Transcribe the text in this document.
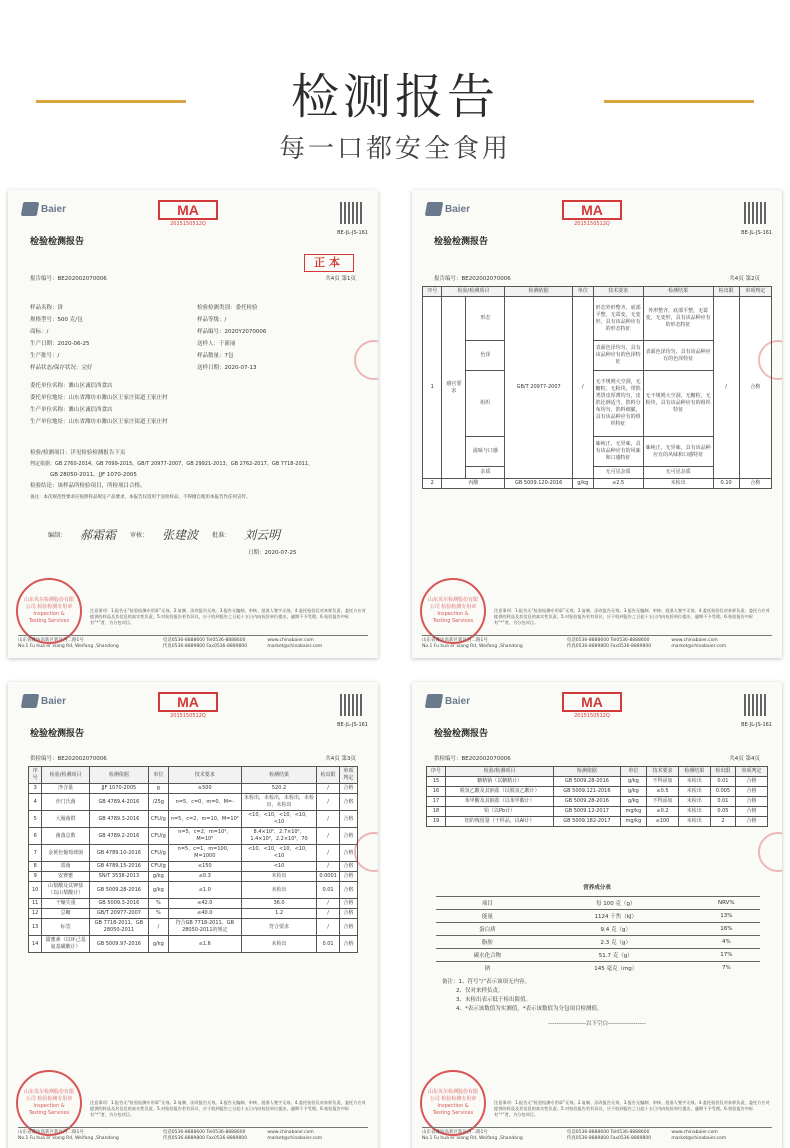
检测报告
每一口都安全食用
Baier	MA
2015150512Q
BE-JL-JS-161
检验检测报告
正本
报告编号：BE202002070006	共4页 第1页
样品名称：饼
规格型号：500 克/包
商标：/
生产日期：2020-06-25
生产批号：/
样品状态/保存状况：完好
检验检测类别：委托检验
样品等级：/
样品编号：2020Y2070006
送样人：于新丽
样品数量：7包
送样日期：2020-07-13
委托单位名称：潍山区诚信西食店
委托单位地址：山东省潍坊市潍山区王家庄街道王家庄村
生产单位名称：潍山区诚信西食店
生产单位地址：山东省潍坊市潍山区王家庄街道王家庄村
检验/检测项目：详见检验检测报告下页
判定依据：GB 2760-2014、GB 7099-2015、GB/T 20977-2007、GB 29921-2013、GB 2762-2017、GB 7718-2011、
GB 28050-2011、JJF 1070-2005
检验结论：该样品所检验项目，所检项目合格。
备注：本次规范性要求应按照样品规定产品要求，本报告仅适用于送检样品，不得擅自使用本报告作任何宣传。
编制： 郝霜霜 审核： 张建波 批准： 刘云明
日期：2020-07-25
山东贝尔检测股份有限公司 检验检测专用章 Inspection & Testing Services
注意事项：1.报告无“检验检测专用章”无效。2.复制、涂改报告无效。3.报告无编制、审核、批准人签字无效。4.委托检验仅对来样负责，委托方应对提供的样品及其信息的真实性负责。5.对检验报告若有异议，应于收到报告之日起十五日内向检验单位提出，逾期不予受理。6.检验报告中标有“*”者，为分包项目。
山东省潍坊高新区新区西二路1号	电话0536-8888600 Tel0536-8888600	www.chinabaier.com
No.1 Fu hua er xiang Rd, Weifang ,Shandong	传真0536-8889800 Fax0536-8889800	market@chinabaier.com
Baier	MA
2015150512Q
BE-JL-JS-161
检验检测报告
报告编号：BE202002070006	共4页 第2页
序号	检验/检测项目		检测依据	单位	技术要求	检测结果	检出限	单项判定
1	感官要求	形态	GB/T 20977-2007	/	形态外形整齐，底部平整，无霉变，无变形，具有该品种应有的形态特征	外形整齐，底部平整，无霉变，无变形，具有该品种应有的形态特征	/	合格
		色泽			表面色泽均匀，具有该品种应有的色泽特征	表面色泽均匀，具有该品种应有的色泽特征		
		组织			无不规则大空洞，无糖粒，无粉块，带馅类饼皮厚薄均匀，皮馅比例适当，馅料分布均匀，馅料细腻，具有该品种应有的组织特征	无不规则大空洞，无糖粒，无粉块，具有该品种应有的组织特征		
		滋味与口感			味纯正，无异味，具有该品种应有的风味和口感特征	味纯正，无异味，具有该品种应有的风味和口感特征		
		杂质			无可见杂质	无可见杂质		
2	丙酸		GB 5009.120-2016	g/kg	≤2.5	未检出	0.10	合格
山东贝尔检测股份有限公司 检验检测专用章 Inspection & Testing Services
注意事项：1.报告无“检验检测专用章”无效。2.复制、涂改报告无效。3.报告无编制、审核、批准人签字无效。4.委托检验仅对来样负责，委托方应对提供的样品及其信息的真实性负责。5.对检验报告若有异议，应于收到报告之日起十五日内向检验单位提出，逾期不予受理。6.检验报告中标有“*”者，为分包项目。
山东省潍坊高新区新区西二路1号	电话0536-8888600 Tel0536-8888600	www.chinabaier.com
No.1 Fu hua er xiang Rd, Weifang ,Shandong	传真0536-8889800 Fax0536-8889800	market@chinabaier.com
Baier	MA
2015150512Q
BE-JL-JS-161
检验检测报告
供检编号：BE202002070006	共4页 第3页
序号	检验/检测项目	检测依据	单位	技术要求	检测结果	检出限	单项判定
3	净含量	JJF 1070-2005	g	≥500	520.2	/	合格
4	沙门氏菌	GB 4789.4-2016	/25g	n=5，c=0，m=0，M=-	未检出，未检出，未检出，未检出，未检出	/	合格
5	大肠菌群	GB 4789.3-2016	CFU/g	n=5，c=2，m=10，M=10²	<10，<10，<10，<10，<10	/	合格
6	菌落总数	GB 4789.2-2016	CFU/g	n=5，c=2，m=10⁴，M=10⁵	8.4×10²，2.7×10²，1.4×10²，2.2×10²，70	/	合格
7	金黄色葡萄球菌	GB 4789.10-2016	CFU/g	n=5，c=1，m=100，M=1000	<10，<10，<10，<10，<10	/	合格
8	霉菌	GB 4789.15-2016	CFU/g	≤150	<10	/	合格
9	安赛蜜	SN/T 3538-2013	g/kg	≤0.3	未检出	0.0001	合格
10	山梨酸及其钾盐（以山梨酸计）	GB 5009.28-2016	g/kg	≤1.0	未检出	0.01	合格
11	干燥失重	GB 5009.3-2016	%	≤42.0	36.0	/	合格
12	总糖	GB/T 20977-2007	%	≤40.0	1.2	/	合格
13	标签	GB 7718-2011、GB 28050-2011	/	符合GB 7718-2011、GB 28050-2011的规定	符合要求	/	合格
14	甜蜜素（以环己基氨基磺酸计）	GB 5009.97-2016	g/kg	≤1.6	未检出	0.01	合格
山东贝尔检测股份有限公司 检验检测专用章 Inspection & Testing Services
注意事项：1.报告无“检验检测专用章”无效。2.复制、涂改报告无效。3.报告无编制、审核、批准人签字无效。4.委托检验仅对来样负责，委托方应对提供的样品及其信息的真实性负责。5.对检验报告若有异议，应于收到报告之日起十五日内向检验单位提出，逾期不予受理。6.检验报告中标有“*”者，为分包项目。
山东省潍坊高新区新区西二路1号	电话0536-8888600 Tel0536-8888600	www.chinabaier.com
No.1 Fu hua er xiang Rd, Weifang ,Shandong	传真0536-8889800 Fax0536-8889800	market@chinabaier.com
Baier	MA
2015150512Q
BE-JL-JS-161
检验检测报告
供检编号：BE202002070006	共4页 第4页
序号	检验/检测项目	检测依据	单位	技术要求	检测结果	检出限	单项判定
15	糖精钠（以糖精计）	GB 5009.28-2016	g/kg	不得添加	未检出	0.01	合格
16	脱氢乙酸及其钠盐（以脱氢乙酸计）	GB 5009.121-2016	g/kg	≤0.5	未检出	0.005	合格
17	苯甲酸及其钠盐（以苯甲酸计）	GB 5009.28-2016	g/kg	不得添加	未检出	0.01	合格
18	铅（以Pb计）	GB 5009.12-2017	mg/kg	≤0.2	未检出	0.05	合格
19	铝的残留量（干样品，以Al计）	GB 5009.182-2017	mg/kg	≤100	未检出	2	合格
营养成分表
项目	每 100 克（g）	NRV%
能量	1124 千焦（kJ）	13%
蛋白质	9.4 克（g）	16%
脂肪	2.3 克（g）	4%
碳水化合物	51.7 克（g）	17%
钠	145 毫克（mg）	7%
备注：1、符号“/”表示该项无内容。
2、仅对来样负责。
3、未检出表示低于检出限值。
4、*表示该数值为实测值，*表示该数值为分包项目检测值。
-------------------以下空白-------------------
山东贝尔检测股份有限公司 检验检测专用章 Inspection & Testing Services
注意事项：1.报告无“检验检测专用章”无效。2.复制、涂改报告无效。3.报告无编制、审核、批准人签字无效。4.委托检验仅对来样负责，委托方应对提供的样品及其信息的真实性负责。5.对检验报告若有异议，应于收到报告之日起十五日内向检验单位提出，逾期不予受理。6.检验报告中标有“*”者，为分包项目。
山东省潍坊高新区新区西二路1号	电话0536-8888600 Tel0536-8888600	www.chinabaier.com
No.1 Fu hua er xiang Rd, Weifang ,Shandong	传真0536-8889800 Fax0536-8889800	market@chinabaier.com
